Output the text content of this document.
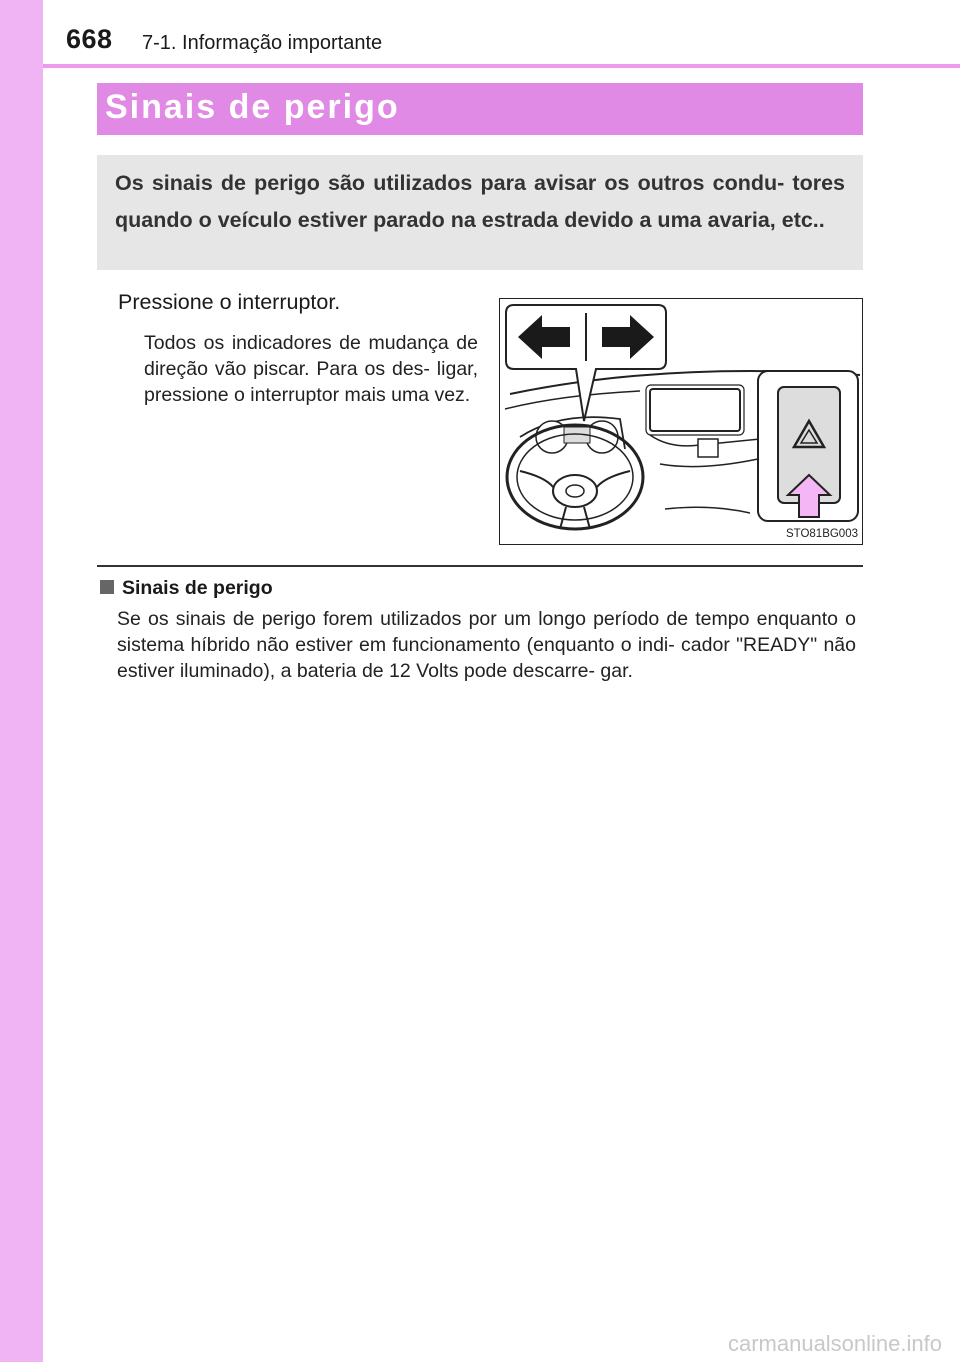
668 7-1. Informação importante
Sinais de perigo
Os sinais de perigo são utilizados para avisar os outros condu- tores quando o veículo estiver parado na estrada devido a uma avaria, etc..
Pressione o interruptor.
Todos os indicadores de mudança de direção vão piscar. Para os des- ligar, pressione o interruptor mais uma vez.
STO81BG003
Sinais de perigo
Se os sinais de perigo forem utilizados por um longo período de tempo enquanto o sistema híbrido não estiver em funcionamento (enquanto o indi- cador "READY" não estiver iluminado), a bateria de 12 Volts pode descarre- gar.
carmanualsonline.info
